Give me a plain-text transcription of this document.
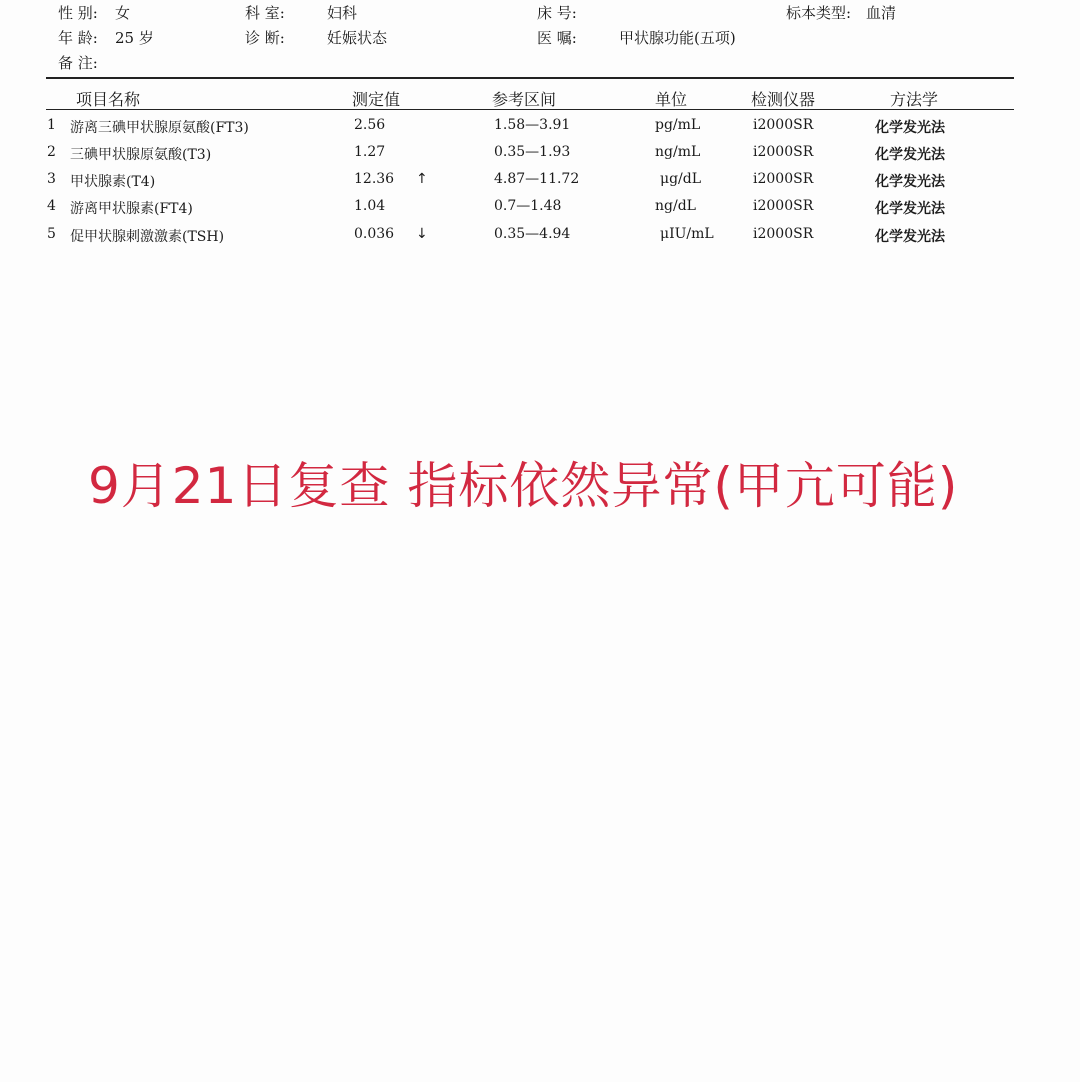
性 别: 女	科 室:	妇科	床 号:	标本类型: 血清
年 龄: 25 岁	诊 断:	妊娠状态	医 嘱:	甲状腺功能(五项)
备 注:
项目名称	测定值	参考区间	单位	检测仪器	方法学
1 游离三碘甲状腺原氨酸(FT3)	2.56	1.58—3.91	pg/mL	i2000SR	化学发光法
2 三碘甲状腺原氨酸(T3)	1.27	0.35—1.93	ng/mL	i2000SR	化学发光法
3 甲状腺素(T4)	12.36 ↑	4.87—11.72	μg/dL	i2000SR	化学发光法
4 游离甲状腺素(FT4)	1.04	0.7—1.48	ng/dL	i2000SR	化学发光法
5 促甲状腺刺激激素(TSH)	0.036 ↓	0.35—4.94	μIU/mL	i2000SR	化学发光法
9月21日复查 指标依然异常(甲亢可能)
